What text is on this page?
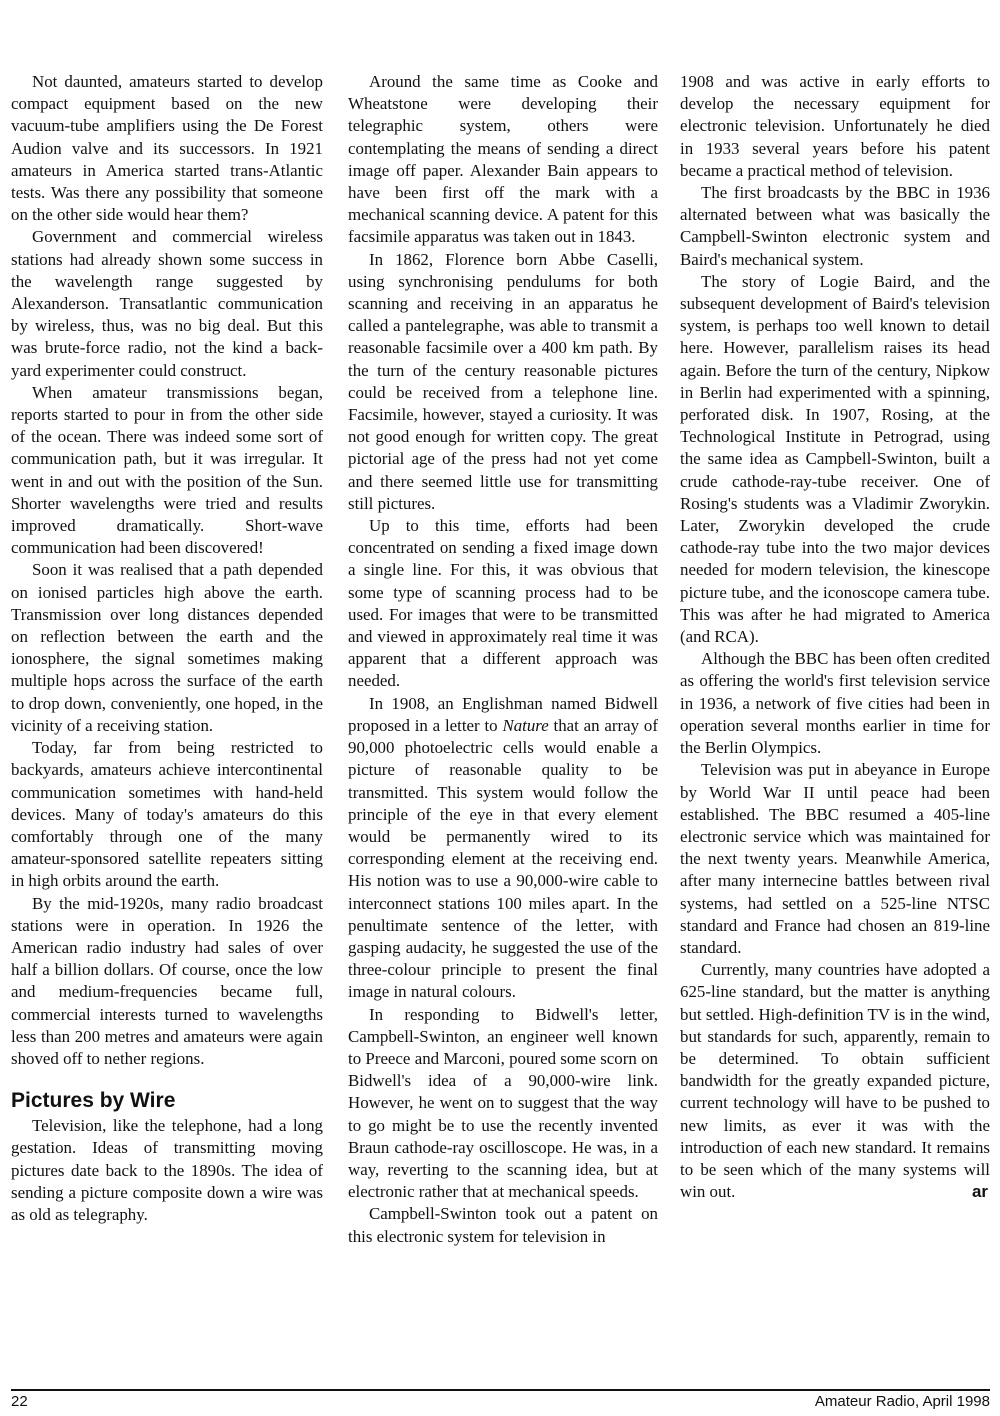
Not daunted, amateurs started to develop compact equipment based on the new vacuum-tube amplifiers using the De Forest Audion valve and its successors. In 1921 amateurs in America started trans-Atlantic tests. Was there any possibility that someone on the other side would hear them?

Government and commercial wireless stations had already shown some success in the wavelength range suggested by Alexanderson. Transatlantic communication by wireless, thus, was no big deal. But this was brute-force radio, not the kind a back-yard experimenter could construct.

When amateur transmissions began, reports started to pour in from the other side of the ocean. There was indeed some sort of communication path, but it was irregular. It went in and out with the position of the Sun. Shorter wavelengths were tried and results improved dramatically. Short-wave communication had been discovered!

Soon it was realised that a path depended on ionised particles high above the earth. Transmission over long distances depended on reflection between the earth and the ionosphere, the signal sometimes making multiple hops across the surface of the earth to drop down, conveniently, one hoped, in the vicinity of a receiving station.

Today, far from being restricted to backyards, amateurs achieve intercontinental communication sometimes with hand-held devices. Many of today's amateurs do this comfortably through one of the many amateur-sponsored satellite repeaters sitting in high orbits around the earth.

By the mid-1920s, many radio broadcast stations were in operation. In 1926 the American radio industry had sales of over half a billion dollars. Of course, once the low and medium-frequencies became full, commercial interests turned to wavelengths less than 200 metres and amateurs were again shoved off to nether regions.

Pictures by Wire

Television, like the telephone, had a long gestation. Ideas of transmitting moving pictures date back to the 1890s. The idea of sending a picture composite down a wire was as old as telegraphy.

Around the same time as Cooke and Wheatstone were developing their telegraphic system, others were contemplating the means of sending a direct image off paper. Alexander Bain appears to have been first off the mark with a mechanical scanning device. A patent for this facsimile apparatus was taken out in 1843.

In 1862, Florence born Abbe Caselli, using synchronising pendulums for both scanning and receiving in an apparatus he called a pantelegraphe, was able to transmit a reasonable facsimile over a 400 km path. By the turn of the century reasonable pictures could be received from a telephone line. Facsimile, however, stayed a curiosity. It was not good enough for written copy. The great pictorial age of the press had not yet come and there seemed little use for transmitting still pictures.

Up to this time, efforts had been concentrated on sending a fixed image down a single line. For this, it was obvious that some type of scanning process had to be used. For images that were to be transmitted and viewed in approximately real time it was apparent that a different approach was needed.

In 1908, an Englishman named Bidwell proposed in a letter to Nature that an array of 90,000 photoelectric cells would enable a picture of reasonable quality to be transmitted. This system would follow the principle of the eye in that every element would be permanently wired to its corresponding element at the receiving end. His notion was to use a 90,000-wire cable to interconnect stations 100 miles apart. In the penultimate sentence of the letter, with gasping audacity, he suggested the use of the three-colour principle to present the final image in natural colours.

In responding to Bidwell's letter, Campbell-Swinton, an engineer well known to Preece and Marconi, poured some scorn on Bidwell's idea of a 90,000-wire link. However, he went on to suggest that the way to go might be to use the recently invented Braun cathode-ray oscilloscope. He was, in a way, reverting to the scanning idea, but at electronic rather that at mechanical speeds.

Campbell-Swinton took out a patent on this electronic system for television in

1908 and was active in early efforts to develop the necessary equipment for electronic television. Unfortunately he died in 1933 several years before his patent became a practical method of television.

The first broadcasts by the BBC in 1936 alternated between what was basically the Campbell-Swinton electronic system and Baird's mechanical system.

The story of Logie Baird, and the subsequent development of Baird's television system, is perhaps too well known to detail here. However, parallelism raises its head again. Before the turn of the century, Nipkow in Berlin had experimented with a spinning, perforated disk. In 1907, Rosing, at the Technological Institute in Petrograd, using the same idea as Campbell-Swinton, built a crude cathode-ray-tube receiver. One of Rosing's students was a Vladimir Zworykin. Later, Zworykin developed the crude cathode-ray tube into the two major devices needed for modern television, the kinescope picture tube, and the iconoscope camera tube. This was after he had migrated to America (and RCA).

Although the BBC has been often credited as offering the world's first television service in 1936, a network of five cities had been in operation several months earlier in time for the Berlin Olympics.

Television was put in abeyance in Europe by World War II until peace had been established. The BBC resumed a 405-line electronic service which was maintained for the next twenty years. Meanwhile America, after many internecine battles between rival systems, had settled on a 525-line NTSC standard and France had chosen an 819-line standard.

Currently, many countries have adopted a 625-line standard, but the matter is anything but settled. High-definition TV is in the wind, but standards for such, apparently, remain to be determined. To obtain sufficient bandwidth for the greatly expanded picture, current technology will have to be pushed to new limits, as ever it was with the introduction of each new standard. It remains to be seen which of the many systems will win out.	ar

22	Amateur Radio, April 1998
